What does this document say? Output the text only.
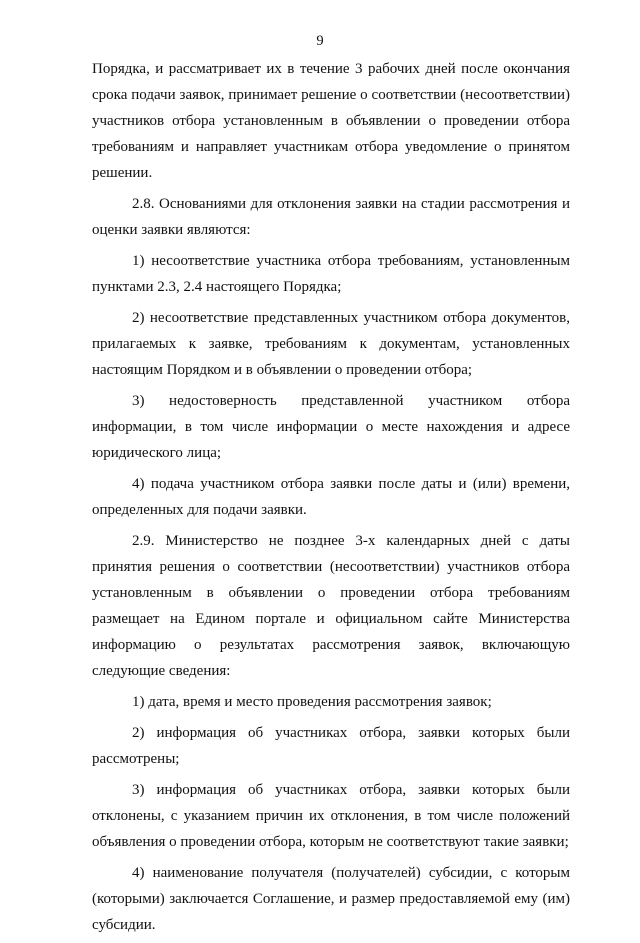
9

Порядка, и рассматривает их в течение 3 рабочих дней после окончания срока подачи заявок, принимает решение о соответствии (несоответствии) участников отбора установленным в объявлении о проведении отбора требованиям и направляет участникам отбора уведомление о принятом решении.

2.8. Основаниями для отклонения заявки на стадии рассмотрения и оценки заявки являются:

1) несоответствие участника отбора требованиям, установленным пунктами 2.3, 2.4 настоящего Порядка;

2) несоответствие представленных участником отбора документов, прилагаемых к заявке, требованиям к документам, установленных настоящим Порядком и в объявлении о проведении отбора;

3) недостоверность представленной участником отбора информации, в том числе информации о месте нахождения и адресе юридического лица;

4) подача участником отбора заявки после даты и (или) времени, определенных для подачи заявки.

2.9. Министерство не позднее 3-х календарных дней с даты принятия решения о соответствии (несоответствии) участников отбора установленным в объявлении о проведении отбора требованиям размещает на Едином портале и официальном сайте Министерства информацию о результатах рассмотрения заявок, включающую следующие сведения:

1) дата, время и место проведения рассмотрения заявок;

2) информация об участниках отбора, заявки которых были рассмотрены;

3) информация об участниках отбора, заявки которых были отклонены, с указанием причин их отклонения, в том числе положений объявления о проведении отбора, которым не соответствуют такие заявки;

4) наименование получателя (получателей) субсидии, с которым (которыми) заключается Соглашение, и размер предоставляемой ему (им) субсидии.
